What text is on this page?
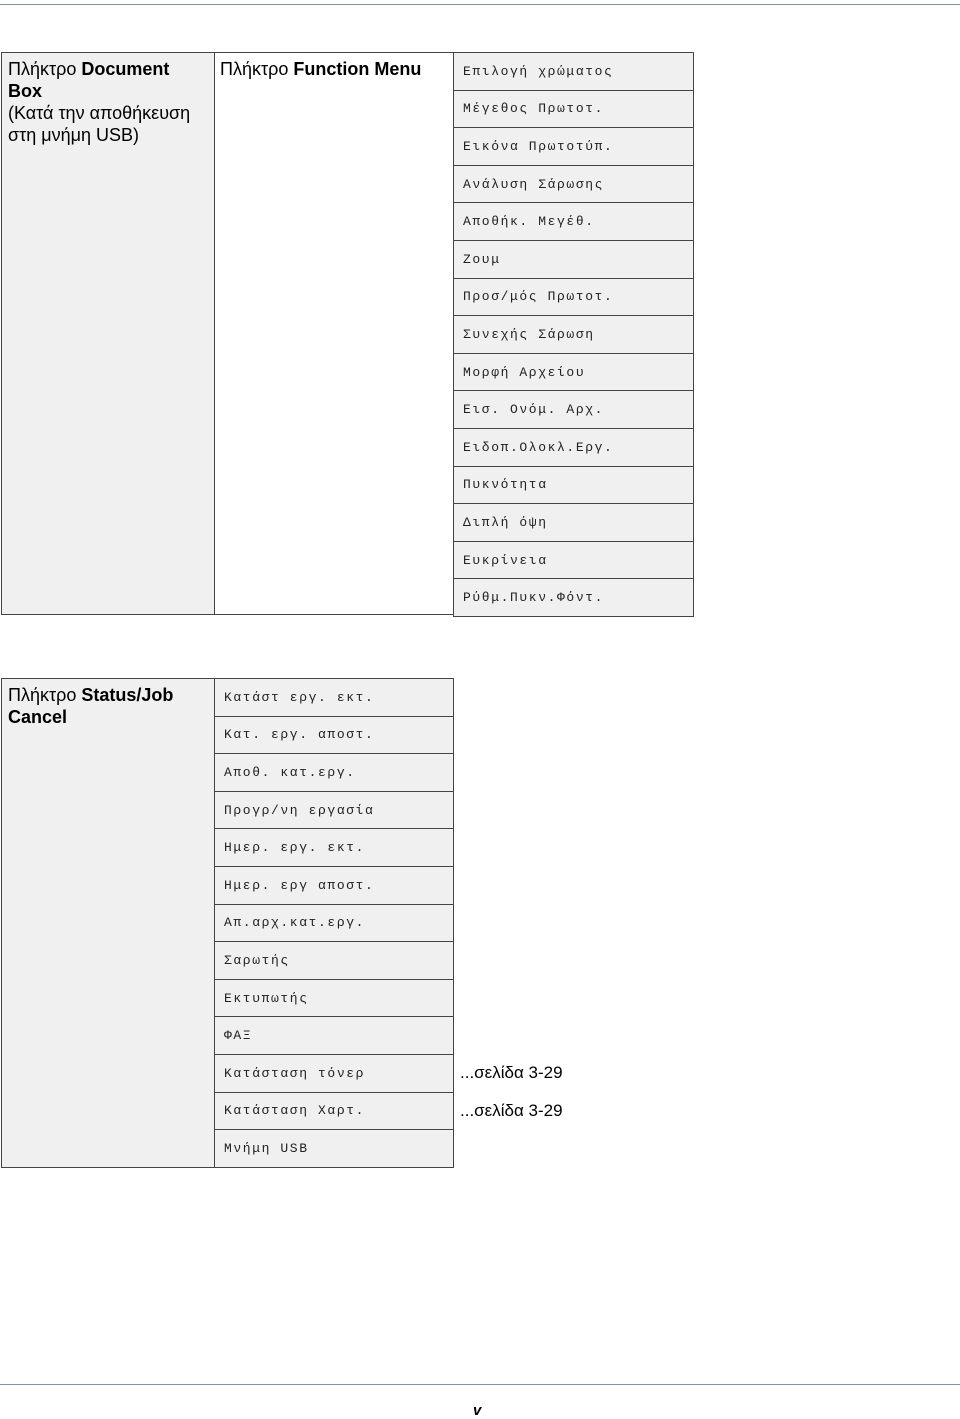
Πλήκτρο Document Box
(Κατά την αποθήκευση στη μνήμη USB)
Πλήκτρο Function Menu	Επιλογή χρώματος
Μέγεθος Πρωτοτ.
Εικόνα Πρωτοτύπ.
Ανάλυση Σάρωσης
Αποθήκ. Μεγέθ.
Ζουμ
Προσ/μός Πρωτοτ.
Συνεχής Σάρωση
Μορφή Αρχείου
Εισ. Ονόμ. Αρχ.
Ειδοπ.Ολοκλ.Εργ.
Πυκνότητα
Διπλή όψη
Ευκρίνεια
Ρύθμ.Πυκν.Φόντ.
Πλήκτρο Status/Job Cancel
Κατάστ εργ. εκτ.
Κατ. εργ. αποστ.
Αποθ. κατ.εργ.
Προγρ/νη εργασία
Ημερ. εργ. εκτ.
Ημερ. εργ αποστ.
Απ.αρχ.κατ.εργ.
Σαρωτής
Εκτυπωτής
ΦΑΞ
Κατάσταση τόνερ
Κατάσταση Χαρτ.
Μνήμη USB
...σελίδα 3-29
...σελίδα 3-29
v
